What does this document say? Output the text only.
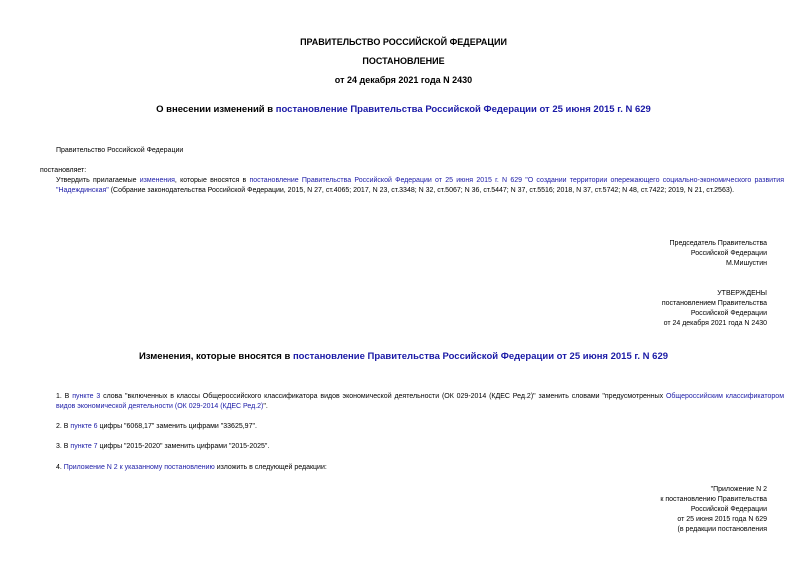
ПРАВИТЕЛЬСТВО РОССИЙСКОЙ ФЕДЕРАЦИИ
ПОСТАНОВЛЕНИЕ
от 24 декабря 2021 года N 2430
О внесении изменений в постановление Правительства Российской Федерации от 25 июня 2015 г. N 629
Правительство Российской Федерации
постановляет:
Утвердить прилагаемые изменения, которые вносятся в постановление Правительства Российской Федерации от 25 июня 2015 г. N 629 "О создании территории опережающего социально-экономического развития "Надеждинская" (Собрание законодательства Российской Федерации, 2015, N 27, ст.4065; 2017, N 23, ст.3348; N 32, ст.5067; N 36, ст.5447; N 37, ст.5516; 2018, N 37, ст.5742; N 48, ст.7422; 2019, N 21, ст.2563).
Председатель Правительства
Российской Федерации
М.Мишустин
УТВЕРЖДЕНЫ
постановлением Правительства
Российской Федерации
от 24 декабря 2021 года N 2430
Изменения, которые вносятся в постановление Правительства Российской Федерации от 25 июня 2015 г. N 629
1. В пункте 3 слова "включенных в классы Общероссийского классификатора видов экономической деятельности (ОК 029-2014 (КДЕС Ред.2)" заменить словами "предусмотренных Общероссийским классификатором видов экономической деятельности (ОК 029-2014 (КДЕС Ред.2)".
2. В пункте 6 цифры "6068,17" заменить цифрами "33625,97".
3. В пункте 7 цифры "2015-2020" заменить цифрами "2015-2025".
4. Приложение N 2 к указанному постановлению изложить в следующей редакции:
"Приложение N 2
к постановлению Правительства
Российской Федерации
от 25 июня 2015 года N 629
(в редакции постановления
